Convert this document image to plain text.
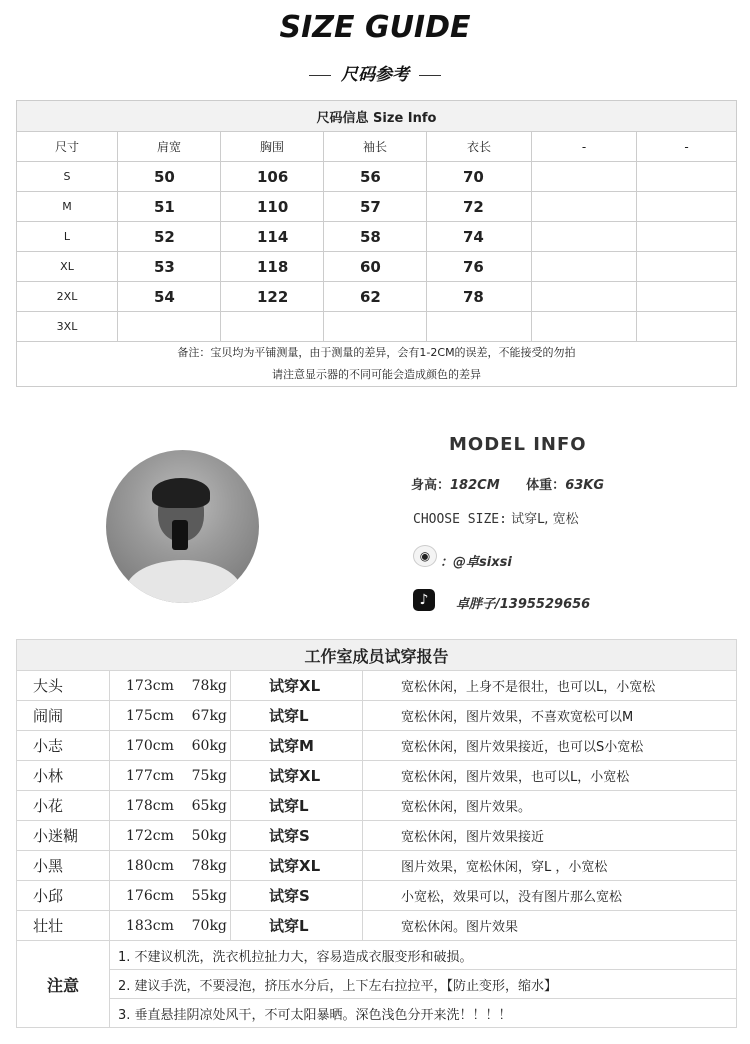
SIZE GUIDE
尺码参考
尺码信息 Size Info						
尺寸	肩宽	胸围	袖长	衣长	-	-
S	50	106	56	70		
M	51	110	57	72		
L	52	114	58	74		
XL	53	118	60	76		
2XL	54	122	62	78		
3XL						

备注：宝贝均为平铺测量，由于测量的差异，会有1-2CM的误差，不能接受的勿拍
请注意显示器的不同可能会造成颜色的差异						
MODEL INFO
身高：182CM 体重：63KG
CHOOSE SIZE: 试穿L, 宽松
◉ ：@卓sixsi
♪	卓胖子/1395529656
工作室成员试穿报告			
大头	173cm    78kg	试穿XL	宽松休闲，上身不是很壮，也可以L，小宽松
闹闹	175cm    67kg	试穿L	宽松休闲，图片效果，不喜欢宽松可以M
小志	170cm    60kg	试穿M	宽松休闲，图片效果接近，也可以S小宽松
小林	177cm    75kg	试穿XL	宽松休闲，图片效果，也可以L，小宽松
小花	178cm    65kg	试穿L	宽松休闲，图片效果。
小迷糊	172cm    50kg	试穿S	宽松休闲，图片效果接近
小黑	180cm    78kg	试穿XL	图片效果，宽松休闲，穿L ，小宽松
小邱	176cm    55kg	试穿S	小宽松，效果可以，没有图片那么宽松
壮壮	183cm    70kg	试穿L	宽松休闲。图片效果
注意	1. 不建议机洗，洗衣机拉扯力大，容易造成衣服变形和破损。		
	2. 建议手洗，不要浸泡，挤压水分后，上下左右拉拉平，【防止变形，缩水】		
	3. 垂直悬挂阴凉处风干，不可太阳暴晒。深色浅色分开来洗！！！！		
